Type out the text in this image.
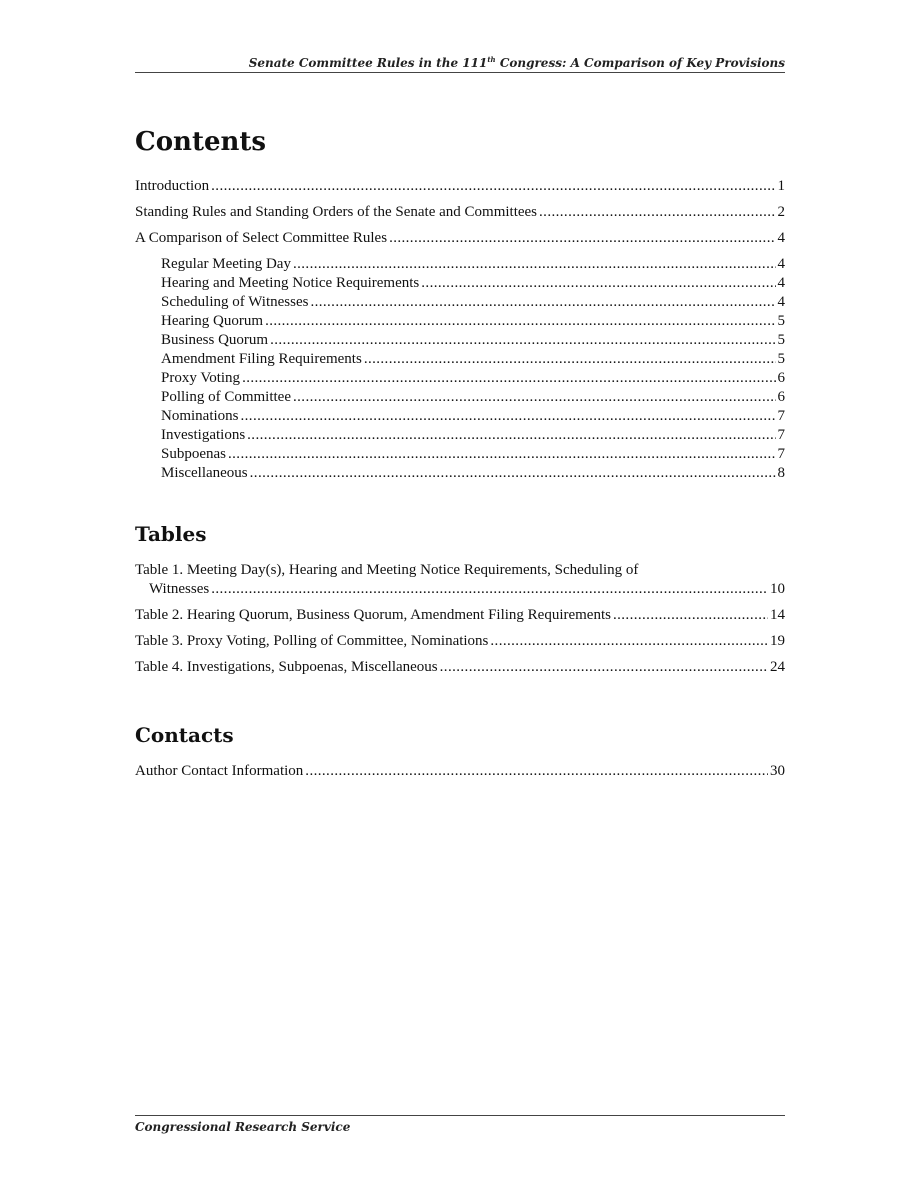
Senate Committee Rules in the 111th Congress: A Comparison of Key Provisions
Contents
Introduction .....	1
Standing Rules and Standing Orders of the Senate and Committees .....	2
A Comparison of Select Committee Rules .....	4
Regular Meeting Day .....	4
Hearing and Meeting Notice Requirements .....	4
Scheduling of Witnesses .....	4
Hearing Quorum .....	5
Business Quorum .....	5
Amendment Filing Requirements .....	5
Proxy Voting .....	6
Polling of Committee .....	6
Nominations .....	7
Investigations .....	7
Subpoenas .....	7
Miscellaneous .....	8
Tables
Table 1. Meeting Day(s), Hearing and Meeting Notice Requirements, Scheduling of
Witnesses .....	10
Table 2. Hearing Quorum, Business Quorum, Amendment Filing Requirements .....	14
Table 3. Proxy Voting, Polling of Committee, Nominations .....	19
Table 4. Investigations, Subpoenas, Miscellaneous .....	24
Contacts
Author Contact Information .....	30
Congressional Research Service
